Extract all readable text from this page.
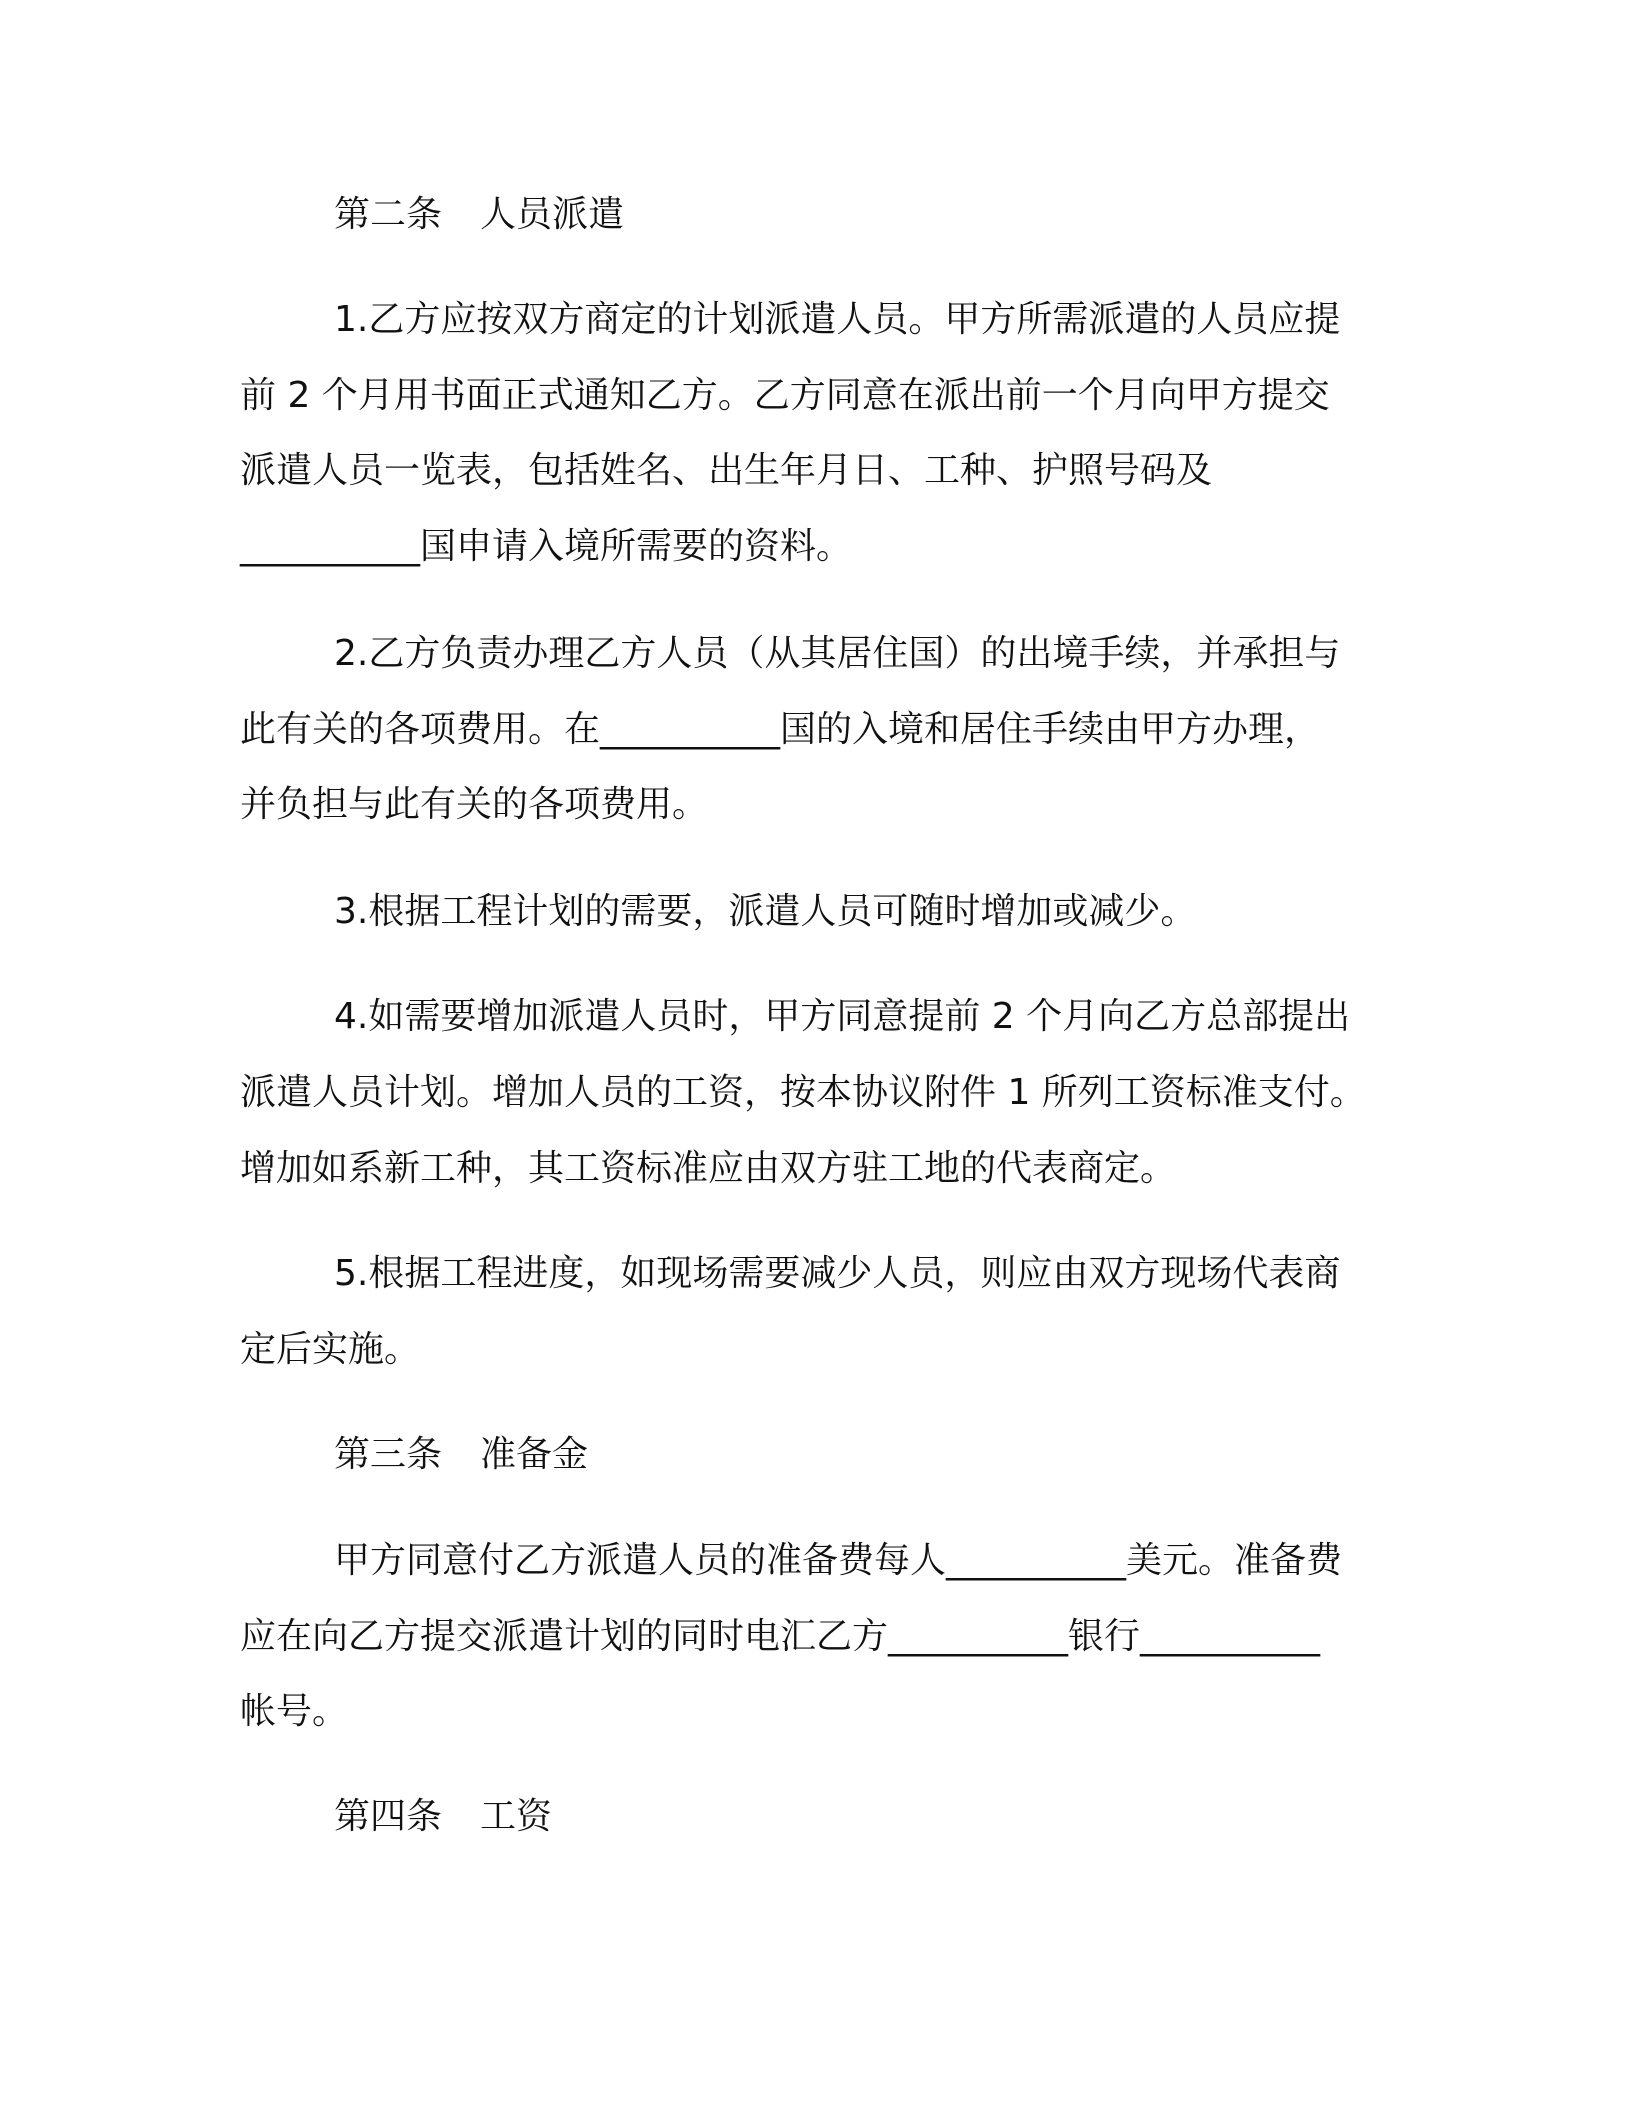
第二条 人员派遣
1.乙方应按双方商定的计划派遣人员。甲方所需派遣的人员应提
前 2 个月用书面正式通知乙方。乙方同意在派出前一个月向甲方提交
派遣人员一览表，包括姓名、出生年月日、工种、护照号码及
__________国申请入境所需要的资料。
2.乙方负责办理乙方人员（从其居住国）的出境手续，并承担与
此有关的各项费用。在__________国的入境和居住手续由甲方办理，
并负担与此有关的各项费用。
3.根据工程计划的需要，派遣人员可随时增加或减少。
4.如需要增加派遣人员时，甲方同意提前 2 个月向乙方总部提出
派遣人员计划。增加人员的工资，按本协议附件 1 所列工资标准支付。
增加如系新工种，其工资标准应由双方驻工地的代表商定。
5.根据工程进度，如现场需要减少人员，则应由双方现场代表商
定后实施。
第三条 准备金
甲方同意付乙方派遣人员的准备费每人__________美元。准备费
应在向乙方提交派遣计划的同时电汇乙方__________银行__________
帐号。
第四条 工资
